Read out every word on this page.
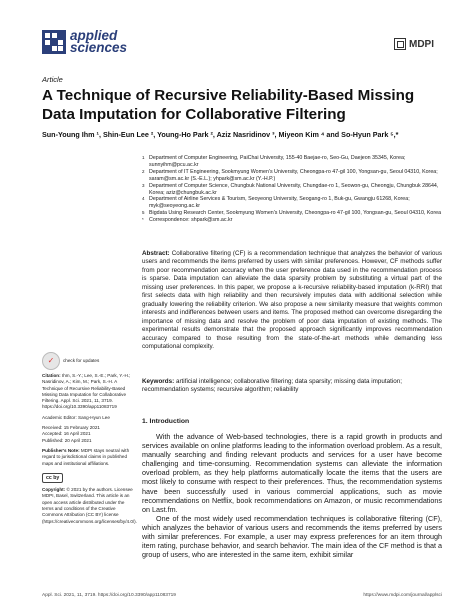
applied
sciences	MDPI
Article
A Technique of Recursive Reliability-Based Missing Data Imputation for Collaborative Filtering
Sun-Young Ihm ¹, Shin-Eun Lee ², Young-Ho Park ², Aziz Nasridinov ³, Miyeon Kim ⁴ and So-Hyun Park ⁵,*
1 Department of Computer Engineering, PaiChai University, 155-40 Baejae-ro, Seo-Gu, Daejeon 35345, Korea; sunnyihm@pcu.ac.kr
2 Department of IT Engineering, Sookmyung Women's University, Cheongpa-ro 47-gil 100, Yongsan-gu, Seoul 04310, Korea; saram@sm.ac.kr (S.-E.L.); yhpark@sm.ac.kr (Y.-H.P.)
3 Department of Computer Science, Chungbuk National University, Chungdae-ro 1, Seowon-gu, Cheongju, Chungbuk 28644, Korea; aziz@chungbuk.ac.kr
4 Department of Airline Services & Tourism, Seoyeong University, Seogang-ro 1, Buk-gu, Gwangju 61268, Korea; myk@seoyeong.ac.kr
5 Bigdata Using Research Center, Sookmyung Women's University, Cheongpa-ro 47-gil 100, Yongsan-gu, Seoul 04310, Korea
* Correspondence: shpark@sm.ac.kr
Abstract: Collaborative filtering (CF) is a recommendation technique that analyzes the behavior of various users and recommends the items preferred by users with similar preferences. However, CF methods suffer from poor recommendation accuracy when the user preference data used in the recommendation process is sparse. Data imputation can alleviate the data sparsity problem by substituting a virtual part of the missing user preferences. In this paper, we propose a k-recursive reliability-based imputation (k-RRI) that first selects data with high reliability and then recursively imputes data with additional selection while gradually lowering the reliability criterion. We also propose a new similarity measure that weights common interests and indifferences between users and items. The proposed method can overcome disregarding the importance of missing data and resolve the problem of poor data imputation of existing methods. The experimental results demonstrate that the proposed approach significantly improves recommendation accuracy compared to those resulting from the state-of-the-art methods while demanding less computational complexity.
Keywords: artificial intelligence; collaborative filtering; data sparsity; missing data imputation; recommendation systems; recursive algorithm; reliability
✓	check for updates
Citation: Ihm, S.-Y.; Lee, S.-E.; Park, Y.-H.; Nasridinov, A.; Kim, M.; Park, S.-H. A Technique of Recursive Reliability-Based Missing Data Imputation for Collaborative Filtering. Appl. Sci. 2021, 11, 3719. https://doi.org/10.3390/app11083719
Academic Editor: Sang-Hyun Lee
Received: 15 February 2021
Accepted: 16 April 2021
Published: 20 April 2021
Publisher's Note: MDPI stays neutral with regard to jurisdictional claims in published maps and institutional affiliations.
cc by
Copyright: © 2021 by the authors. Licensee MDPI, Basel, Switzerland. This article is an open access article distributed under the terms and conditions of the Creative Commons Attribution (CC BY) license (https://creativecommons.org/licenses/by/4.0/).
1. Introduction

With the advance of Web-based technologies, there is a rapid growth in products and services available on online platforms leading to the information overload problem. As a result, manually searching and finding relevant products and services for a user have become challenging and time-consuming. Recommendation systems can alleviate the information overload problem, as they help platforms automatically locate the items that the users are most likely to consume with respect to their preferences. Thus, the recommendation systems have been successfully used in various commercial applications, such as movie recommendations on Netflix, book recommendations on Amazon, or music recommendations on Last.fm.

One of the most widely used recommendation techniques is collaborative filtering (CF), which analyzes the behavior of various users and recommends the items preferred by users with similar preferences. For example, a user may express preferences for an item through item rating, purchase behavior, and search behavior. The main idea of the CF method is that a group of users, who are interested in the same item, exhibit similar

Appl. Sci. 2021, 11, 3719. https://doi.org/10.3390/app11083719	https://www.mdpi.com/journal/applsci
